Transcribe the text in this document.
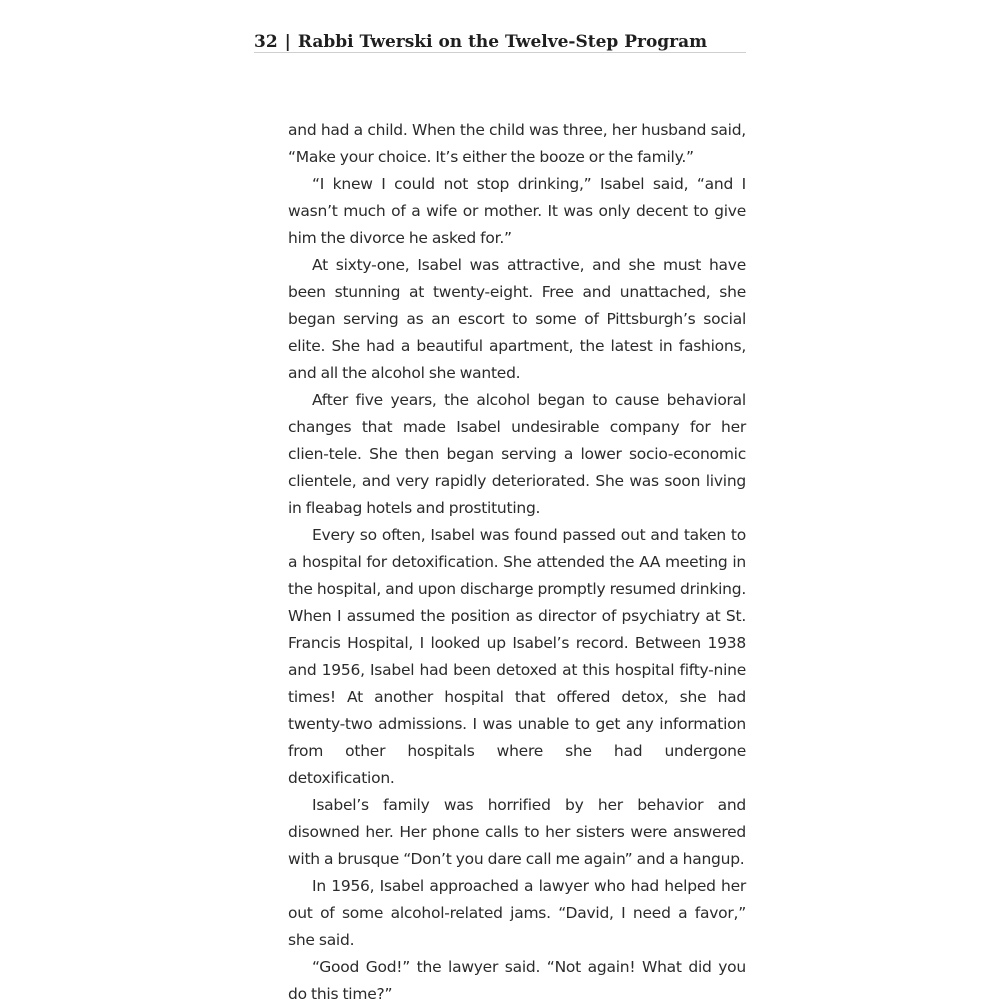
32 | Rabbi Twerski on the Twelve-Step Program

and had a child. When the child was three, her husband said, “Make your choice. It’s either the booze or the family.”

“I knew I could not stop drinking,” Isabel said, “and I wasn’t much of a wife or mother. It was only decent to give him the divorce he asked for.”

At sixty-one, Isabel was attractive, and she must have been stunning at twenty-eight. Free and unattached, she began serving as an escort to some of Pittsburgh’s social elite. She had a beautiful apartment, the latest in fashions, and all the alcohol she wanted.

After five years, the alcohol began to cause behavioral changes that made Isabel undesirable company for her clien-tele. She then began serving a lower socio-economic clientele, and very rapidly deteriorated. She was soon living in fleabag hotels and prostituting.

Every so often, Isabel was found passed out and taken to a hospital for detoxification. She attended the AA meeting in the hospital, and upon discharge promptly resumed drinking. When I assumed the position as director of psychiatry at St. Francis Hospital, I looked up Isabel’s record. Between 1938 and 1956, Isabel had been detoxed at this hospital fifty-nine times! At another hospital that offered detox, she had twenty-two admissions. I was unable to get any information from other hospitals where she had undergone detoxification.

Isabel’s family was horrified by her behavior and disowned her. Her phone calls to her sisters were answered with a brusque “Don’t you dare call me again” and a hangup.

In 1956, Isabel approached a lawyer who had helped her out of some alcohol-related jams. “David, I need a favor,” she said.

“Good God!” the lawyer said. “Not again! What did you do this time?”
